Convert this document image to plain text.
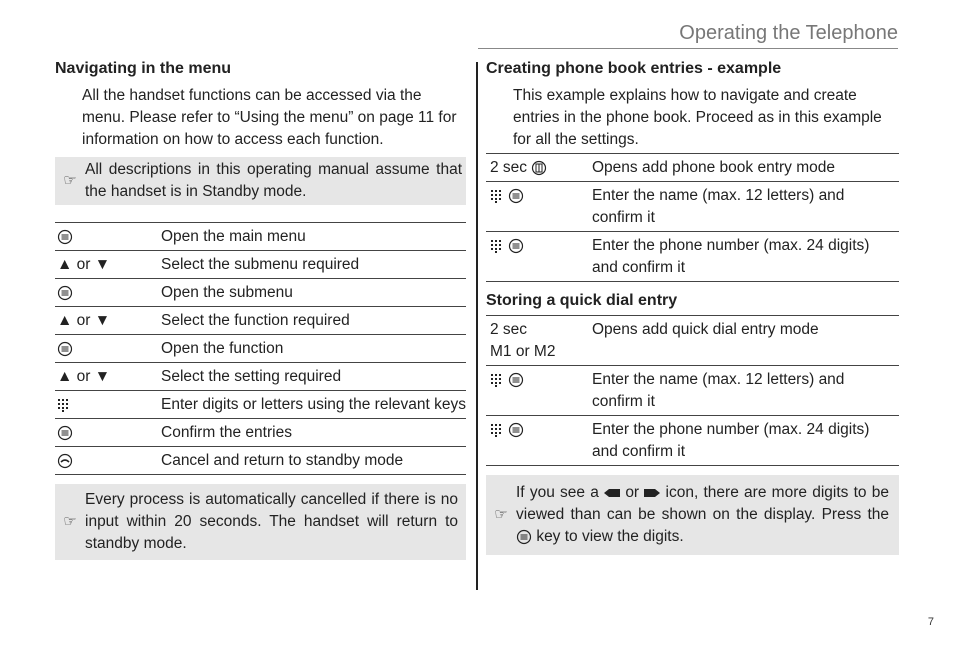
Operating the Telephone
Navigating in the menu
All the handset functions can be accessed via the menu. Please refer to “Using the menu” on page 11 for information on how to access each function.
☞
All descriptions in this operating manual assume that the handset is in Standby mode.
	Open the main menu
▲ or ▼	Select the submenu required

	Open the submenu
▲ or ▼	Select the function required

	Open the function
▲ or ▼	Select the setting required

	Enter digits or letters using the relevant keys

	Confirm the entries

	Cancel and return to standby mode
☞
Every process is automatically cancelled if there is no input within 20 seconds. The handset will return to standby mode.
Creating phone book entries - example
This example explains how to navigate and create entries in the phone book. Proceed as in this example for all the settings.
2 sec	Opens add phone book entry mode

	Enter the name (max. 12 letters) and confirm it

	Enter the phone number (max. 24 digits) and confirm it
Storing a quick dial entry
2 sec
M1 or M2	Opens add quick dial entry mode

	Enter the name (max. 12 letters) and confirm it

	Enter the phone number (max. 24 digits) and confirm it
☞
If you see a or icon, there are more digits to be viewed than can be shown on the display. Press the
key to view the digits.
7
